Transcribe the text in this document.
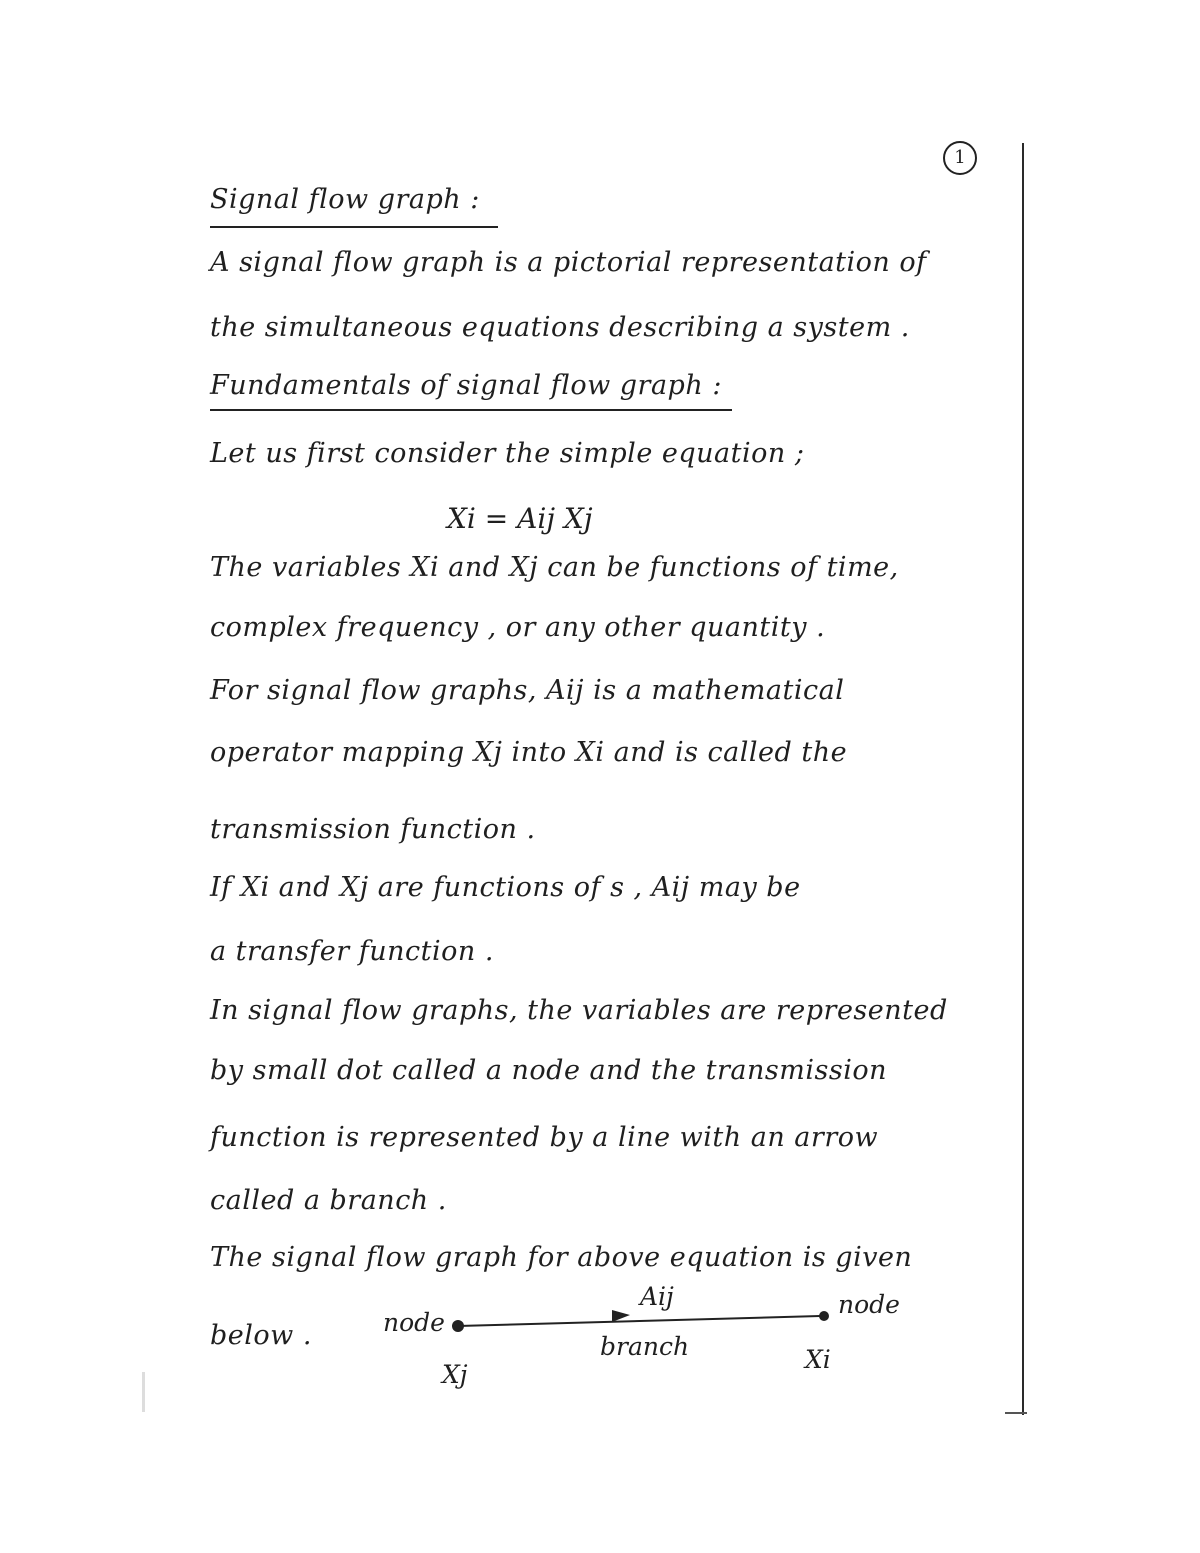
1
Signal flow graph :
A signal flow graph is a pictorial representation of
the simultaneous equations describing a system .
Fundamentals of signal flow graph :
Let us first consider the simple equation ;
Xi = Aij Xj
The variables Xi and Xj can be functions of time,
complex frequency , or any other quantity .
For signal flow graphs, Aij is a mathematical
operator mapping Xj into Xi and is called the
transmission function .
If Xi and Xj are functions of s , Aij may be
a transfer function .
In signal flow graphs, the variables are represented
by small dot called a node and the transmission
function is represented by a line with an arrow
called a branch .
The signal flow graph for above equation is given
below .	node
node
Aij
branch
Xj
Xi
